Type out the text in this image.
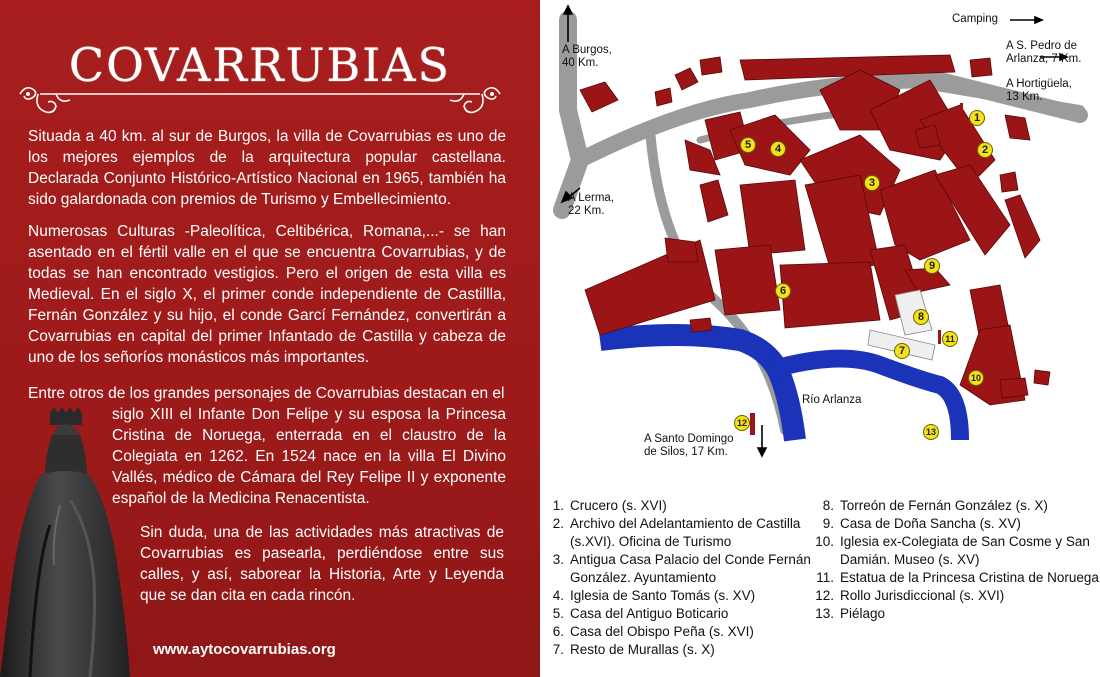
COVARRUBIAS

Situada a 40 km. al sur de Burgos, la villa de Covarrubias es uno de los mejores ejemplos de la arquitectura popular castellana. Declarada Conjunto Histórico-Artístico Nacional en 1965, también ha sido galardonada con premios de Turismo y Embellecimiento.

Numerosas Culturas -Paleolítica, Celtibérica, Romana,...- se han asentado en el fértil valle en el que se encuentra Covarrubias, y de todas se han encontrado vestigios. Pero el origen de esta villa es Medieval. En el siglo X, el primer conde independiente de Castillla, Fernán González y su hijo, el conde Garcí Fernández, convertirán a Covarrubias en capital del primer Infantado de Castilla y cabeza de uno de los señoríos monásticos más importantes.

Entre otros de los grandes personajes de Covarrubias destacan en el
siglo XIII el Infante Don Felipe y su esposa la Princesa Cristina de Noruega, enterrada en el claustro de la Colegiata en 1262. En 1524 nace en la villa El Divino Vallés, médico de Cámara del Rey Felipe II y exponente español de la Medicina Renacentista.

Sin duda, una de las actividades más atractivas de Covarrubias es pasearla, perdiéndose entre sus calles, y así, saborear la Historia, Arte y Leyenda que se dan cita en cada rincón.

www.aytocovarrubias.org
A Burgos,
40 Km.
Camping
A S. Pedro de
Arlanza, 7 Km.
A Hortigüela,
13 Km.
A Lerma,
22 Km.
Río Arlanza
A Santo Domingo
de Silos, 17 Km.
1
2
3
4
5
6
7
8
9
10
11
12
13
1. Crucero (s. XVI)
2. Archivo del Adelantamiento de Castilla (s.XVI). Oficina de Turismo
3. Antigua Casa Palacio del Conde Fernán González. Ayuntamiento
4. Iglesia de Santo Tomás (s. XV)
5. Casa del Antiguo Boticario
6. Casa del Obispo Peña (s. XVI)
7. Resto de Murallas (s. X)
8. Torreón de Fernán González (s. X)
9. Casa de Doña Sancha (s. XV)
10. Iglesia ex-Colegiata de San Cosme y San Damián. Museo (s. XV)
11. Estatua de la Princesa Cristina de Noruega
12. Rollo Jurisdiccional (s. XVI)
13. Piélago
